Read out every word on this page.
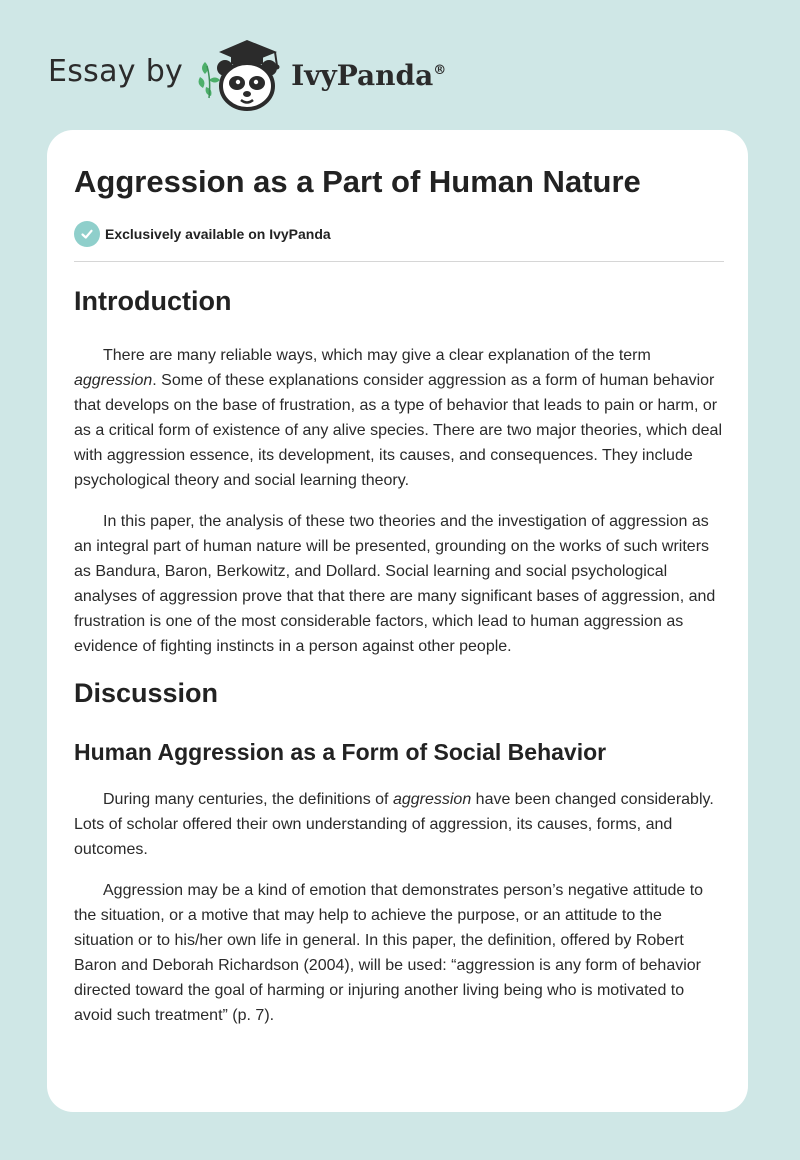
Essay by	IvyPanda®
Aggression as a Part of Human Nature
Exclusively available on IvyPanda
Introduction

There are many reliable ways, which may give a clear explanation of the term aggression. Some of these explanations consider aggression as a form of human behavior that develops on the base of frustration, as a type of behavior that leads to pain or harm, or as a critical form of existence of any alive species. There are two major theories, which deal with aggression essence, its development, its causes, and consequences. They include psychological theory and social learning theory.

In this paper, the analysis of these two theories and the investigation of aggression as an integral part of human nature will be presented, grounding on the works of such writers as Bandura, Baron, Berkowitz, and Dollard. Social learning and social psychological analyses of aggression prove that that there are many significant bases of aggression, and frustration is one of the most considerable factors, which lead to human aggression as evidence of fighting instincts in a person against other people.

Discussion
Human Aggression as a Form of Social Behavior

During many centuries, the definitions of aggression have been changed considerably. Lots of scholar offered their own understanding of aggression, its causes, forms, and outcomes.

Aggression may be a kind of emotion that demonstrates person’s negative attitude to the situation, or a motive that may help to achieve the purpose, or an attitude to the situation or to his/her own life in general. In this paper, the definition, offered by Robert Baron and Deborah Richardson (2004), will be used: “aggression is any form of behavior directed toward the goal of harming or injuring another living being who is motivated to avoid such treatment” (p. 7).
